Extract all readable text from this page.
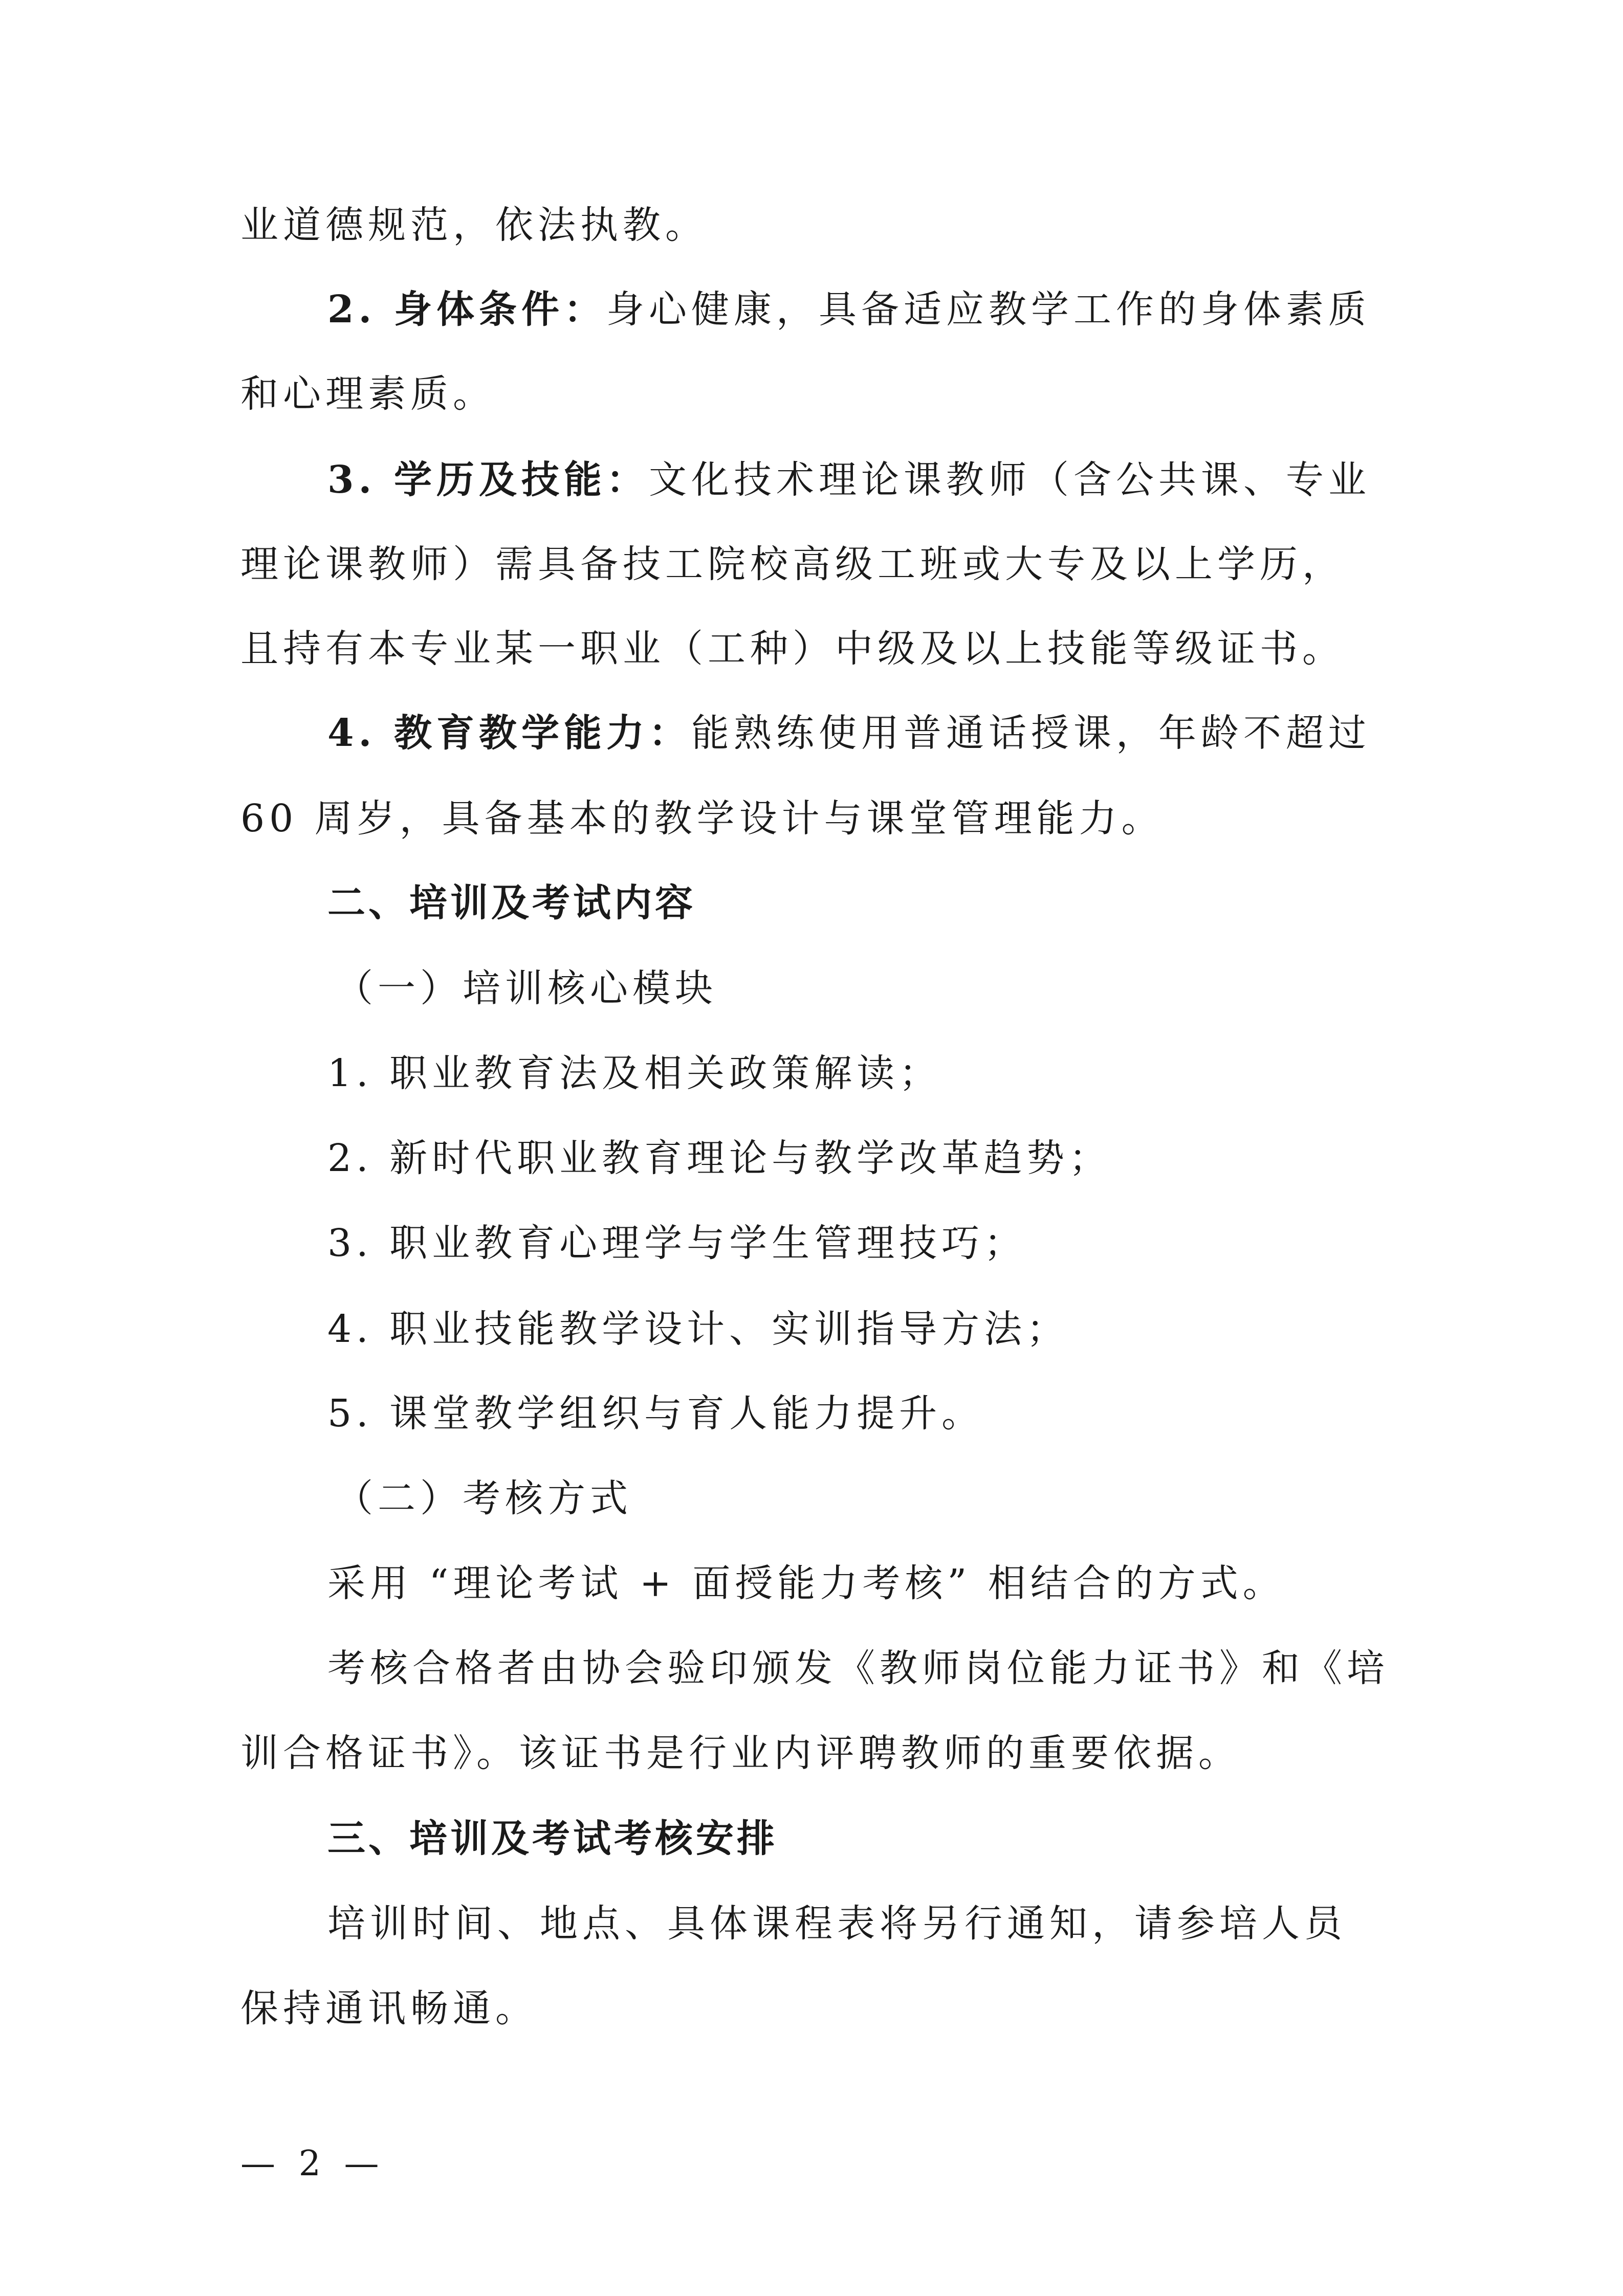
业道德规范，依法执教。
2. 身体条件：身心健康，具备适应教学工作的身体素质
和心理素质。
3. 学历及技能：文化技术理论课教师（含公共课、专业
理论课教师）需具备技工院校高级工班或大专及以上学历，
且持有本专业某一职业（工种）中级及以上技能等级证书。
4. 教育教学能力：能熟练使用普通话授课，年龄不超过
60 周岁，具备基本的教学设计与课堂管理能力。
二、培训及考试内容
（一）培训核心模块
1. 职业教育法及相关政策解读；
2. 新时代职业教育理论与教学改革趋势；
3. 职业教育心理学与学生管理技巧；
4. 职业技能教学设计、实训指导方法；
5. 课堂教学组织与育人能力提升。
（二）考核方式
采用 “理论考试 + 面授能力考核” 相结合的方式。
考核合格者由协会验印颁发《教师岗位能力证书》和《培
训合格证书》。该证书是行业内评聘教师的重要依据。
三、培训及考试考核安排
培训时间、地点、具体课程表将另行通知，请参培人员
保持通讯畅通。
— 2 —
